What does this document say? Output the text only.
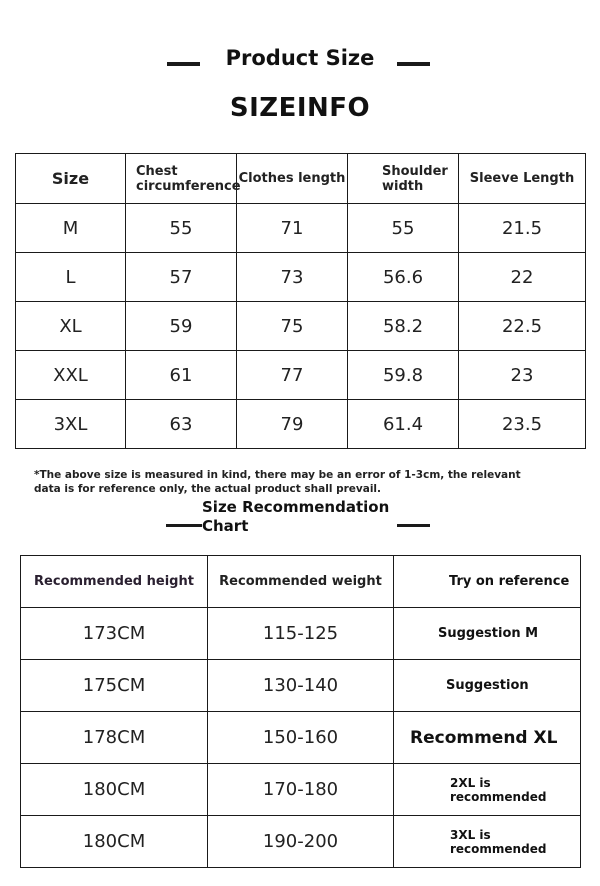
Product Size
SIZEINFO
Size	Chest circumference	Clothes length	Shoulder width	Sleeve Length
M	55	71	55	21.5
L	57	73	56.6	22
XL	59	75	58.2	22.5
XXL	61	77	59.8	23
3XL	63	79	61.4	23.5
*The above size is measured in kind, there may be an error of 1-3cm, the relevant data is for reference only, the actual product shall prevail.
Size Recommendation Chart
Recommended height	Recommended weight	Try on reference
173CM	115-125	Suggestion M
175CM	130-140	Suggestion
178CM	150-160	Recommend XL
180CM	170-180	2XL is recommended
180CM	190-200	3XL is recommended
